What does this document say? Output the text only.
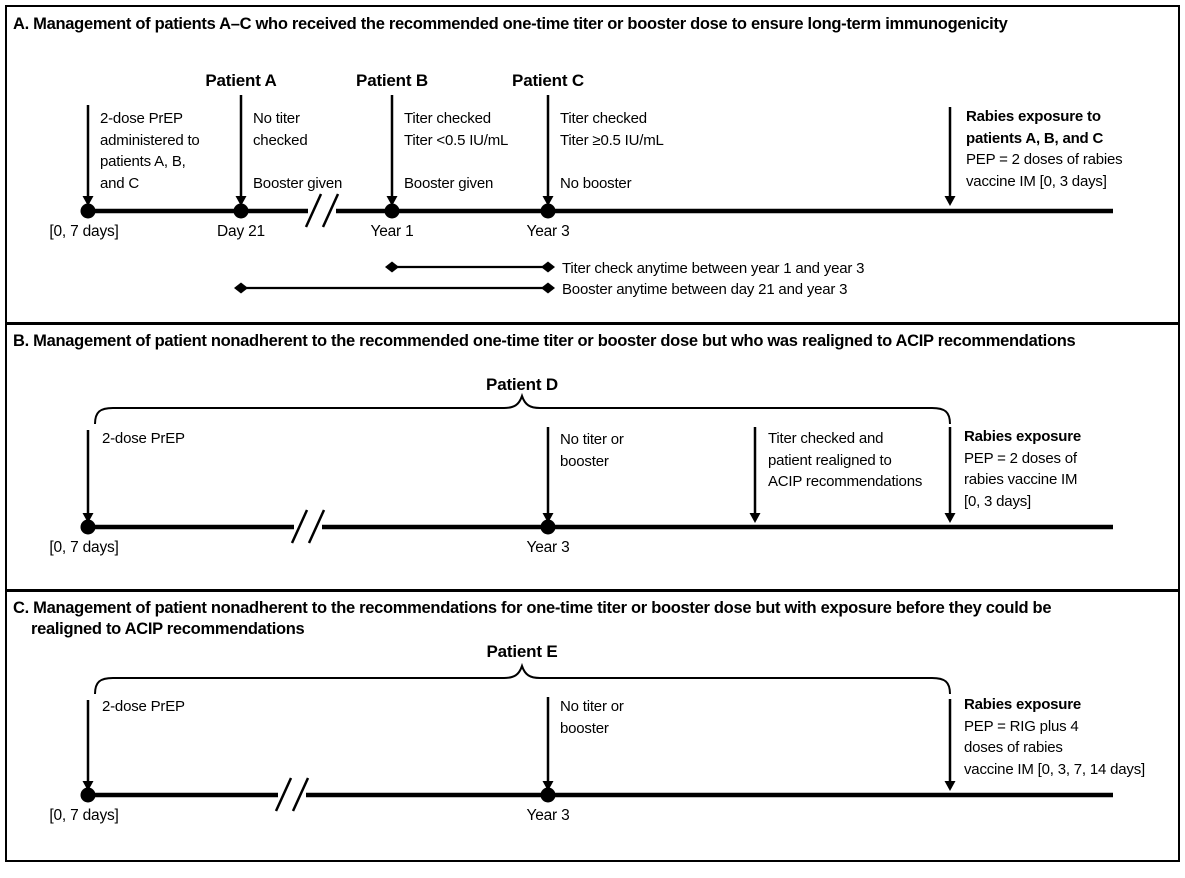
A. Management of patients A–C who received the recommended one-time titer or booster dose to ensure long-term immunogenicity
Patient A	Patient B	Patient C
2-dose PrEP
administered to
patients A, B,
and C
No titer
checked
Booster given
Titer checked
Titer <0.5 IU/mL
Booster given
Titer checked
Titer ≥0.5 IU/mL
No booster
Rabies exposure to
patients A, B, and C
PEP = 2 doses of rabies
vaccine IM [0, 3 days]
[0, 7 days]	Day 21	Year 1	Year 3
Titer check anytime between year 1 and year 3
Booster anytime between day 21 and year 3
B. Management of patient nonadherent to the recommended one-time titer or booster dose but who was realigned to ACIP recommendations
Patient D
2-dose PrEP	No titer or
booster
Titer checked and
patient realigned to
ACIP recommendations
Rabies exposure
PEP = 2 doses of
rabies vaccine IM
[0, 3 days]
[0, 7 days]	Year 3
C. Management of patient nonadherent to the recommendations for one-time titer or booster dose but with exposure before they could be
realigned to ACIP recommendations
Patient E
2-dose PrEP	No titer or
booster
Rabies exposure
PEP = RIG plus 4
doses of rabies
vaccine IM [0, 3, 7, 14 days]
[0, 7 days]	Year 3
